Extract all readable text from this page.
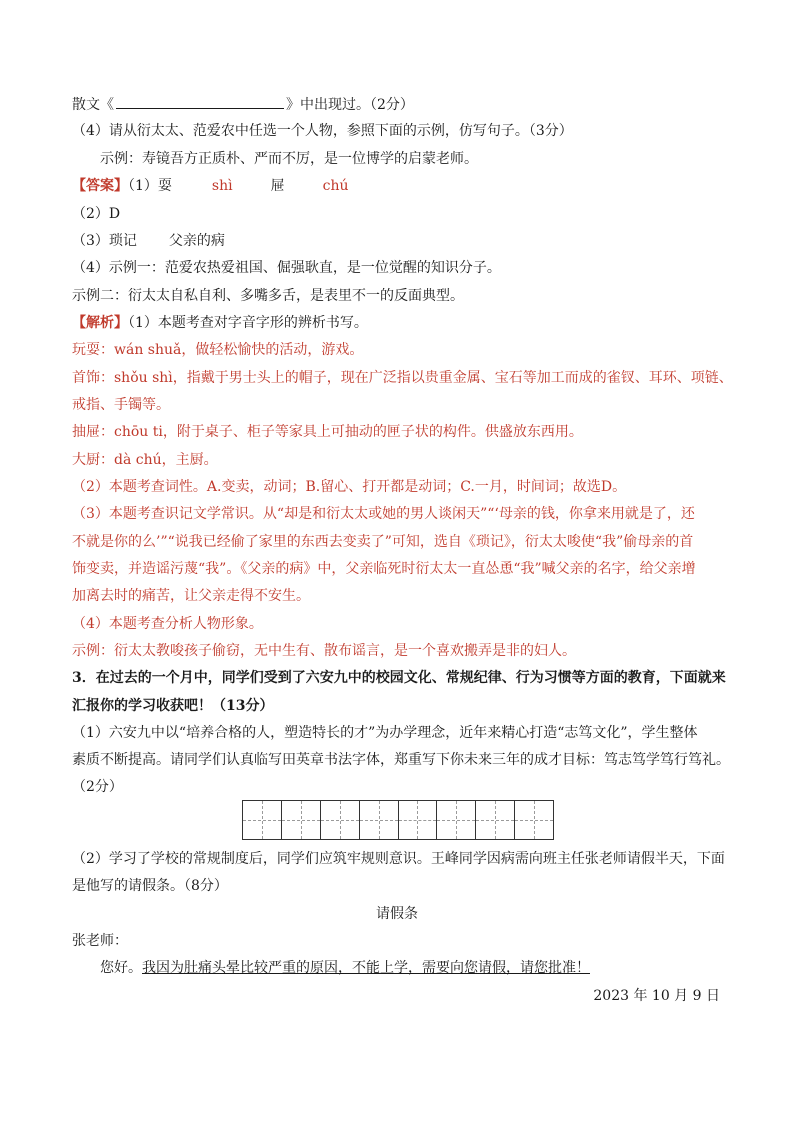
散文《	》中出现过。（2分）
（4）请从衍太太、范爱农中任选一个人物，参照下面的示例，仿写句子。（3分）
示例：寿镜吾方正质朴、严而不厉，是一位博学的启蒙老师。
【答案】（1）耍	shì	屉	chú
（2）D
（3）琐记 父亲的病
（4）示例一：范爱农热爱祖国、倔强耿直，是一位觉醒的知识分子。
示例二：衍太太自私自利、多嘴多舌，是表里不一的反面典型。
【解析】（1）本题考查对字音字形的辨析书写。
玩耍：wán shuǎ，做轻松愉快的活动，游戏。
首饰：shǒu shì，指戴于男士头上的帽子，现在广泛指以贵重金属、宝石等加工而成的雀钗、耳环、项链、
戒指、手镯等。
抽屉：chōu ti，附于桌子、柜子等家具上可抽动的匣子状的构件。供盛放东西用。
大厨：dà chú，主厨。
（2）本题考查词性。A.变卖，动词；B.留心、打开都是动词；C.一月，时间词；故选D。
（3）本题考查识记文学常识。从“却是和衍太太或她的男人谈闲天”“‘母亲的钱，你拿来用就是了，还
不就是你的么’”“说我已经偷了家里的东西去变卖了”可知，选自《琐记》，衍太太唆使“我”偷母亲的首
饰变卖，并造谣污蔑“我”。《父亲的病》中，父亲临死时衍太太一直怂恿“我”喊父亲的名字，给父亲增
加离去时的痛苦，让父亲走得不安生。
（4）本题考查分析人物形象。
示例：衍太太教唆孩子偷窃，无中生有、散布谣言，是一个喜欢搬弄是非的妇人。
3．在过去的一个月中，同学们受到了六安九中的校园文化、常规纪律、行为习惯等方面的教育，下面就来
汇报你的学习收获吧！（13分）
（1）六安九中以“培养合格的人，塑造特长的才”为办学理念，近年来精心打造“志笃文化”，学生整体
素质不断提高。请同学们认真临写田英章书法字体，郑重写下你未来三年的成才目标：笃志笃学笃行笃礼。
（2分）
（2）学习了学校的常规制度后，同学们应筑牢规则意识。王峰同学因病需向班主任张老师请假半天，下面
是他写的请假条。（8分）
请假条
张老师：
您好。我因为肚痛头晕比较严重的原因，不能上学，需要向您请假，请您批准！
2023 年 10 月 9 日
